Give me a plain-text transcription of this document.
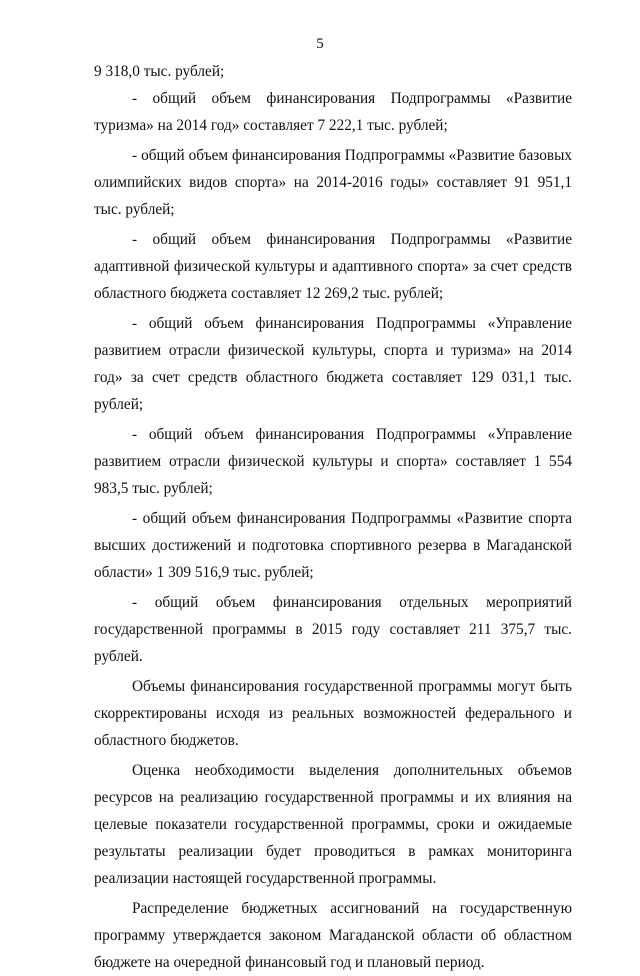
5

9 318,0 тыс. рублей;

- общий объем финансирования Подпрограммы «Развитие туризма» на 2014 год» составляет 7 222,1 тыс. рублей;

- общий объем финансирования Подпрограммы «Развитие базовых олимпийских видов спорта» на 2014-2016 годы» составляет 91 951,1 тыс. рублей;

- общий объем финансирования Подпрограммы «Развитие адаптивной физической культуры и адаптивного спорта» за счет средств областного бюджета составляет 12 269,2 тыс. рублей;

- общий объем финансирования Подпрограммы «Управление развитием отрасли физической культуры, спорта и туризма» на 2014 год» за счет средств областного бюджета составляет 129 031,1 тыс. рублей;

- общий объем финансирования Подпрограммы «Управление развитием отрасли физической культуры и спорта» составляет 1 554 983,5 тыс. рублей;

- общий объем финансирования Подпрограммы «Развитие спорта высших достижений и подготовка спортивного резерва в Магаданской области» 1 309 516,9 тыс. рублей;

- общий объем финансирования отдельных мероприятий государственной программы в 2015 году составляет 211 375,7 тыс. рублей.

Объемы финансирования государственной программы могут быть скорректированы исходя из реальных возможностей федерального и областного бюджетов.

Оценка необходимости выделения дополнительных объемов ресурсов на реализацию государственной программы и их влияния на целевые показатели государственной программы, сроки и ожидаемые результаты реализации будет проводиться в рамках мониторинга реализации настоящей государственной программы.

Распределение бюджетных ассигнований на государственную программу утверждается законом Магаданской области об областном бюджете на очередной финансовый год и плановый период.
